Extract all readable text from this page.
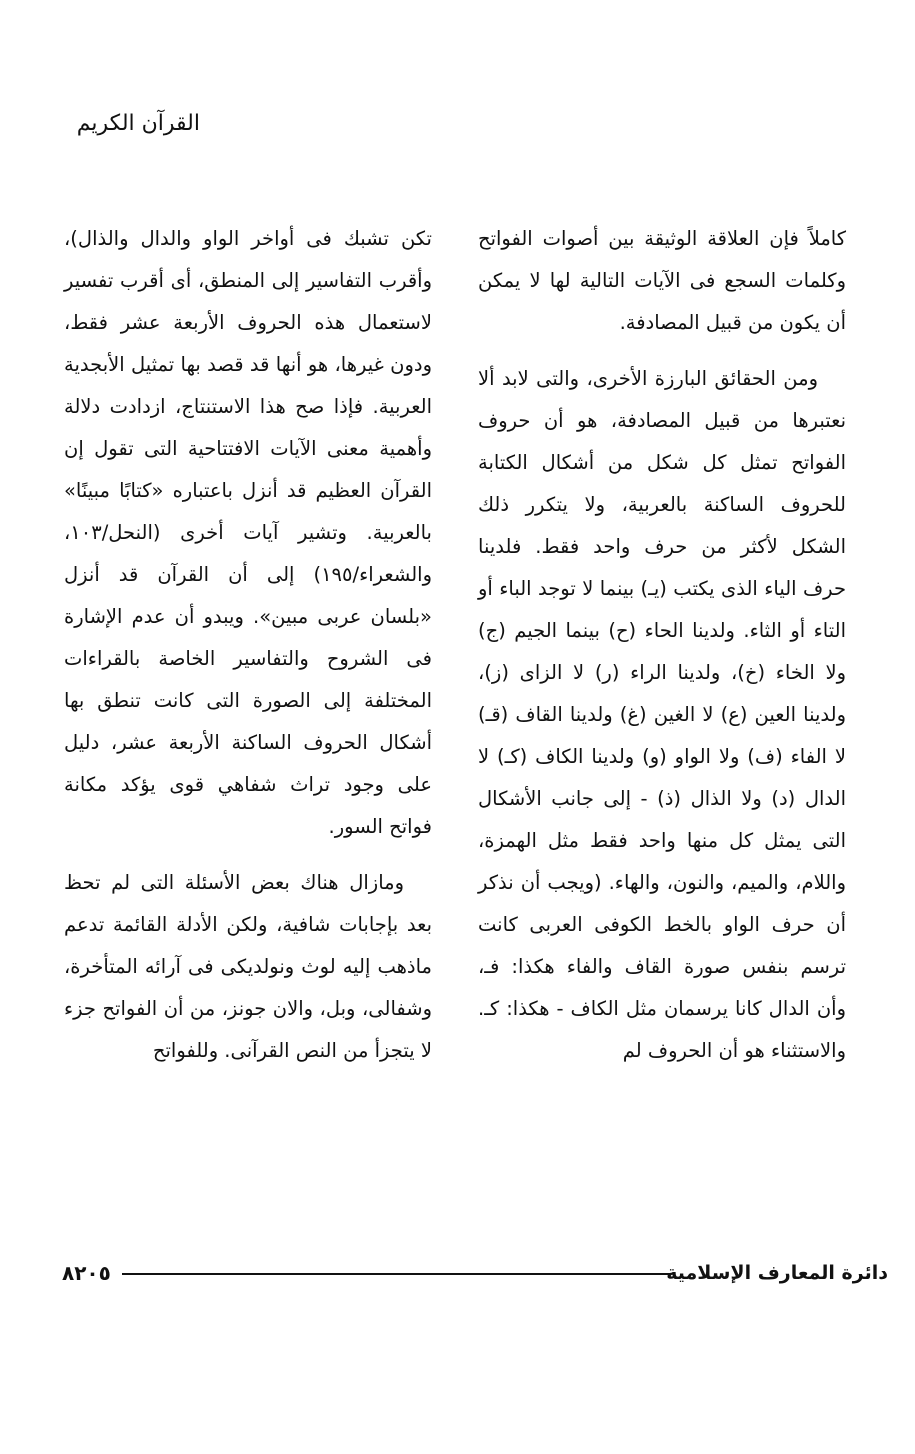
القرآن الكريم

كاملاً فإن العلاقة الوثيقة بين أصوات الفواتح وكلمات السجع فى الآيات التالية لها لا يمكن أن يكون من قبيل المصادفة.

ومن الحقائق البارزة الأخرى، والتى لابد ألا نعتبرها من قبيل المصادفة، هو أن حروف الفواتح تمثل كل شكل من أشكال الكتابة للحروف الساكنة بالعربية، ولا يتكرر ذلك الشكل لأكثر من حرف واحد فقط. فلدينا حرف الياء الذى يكتب (يـ) بينما لا توجد الباء أو التاء أو الثاء. ولدينا الحاء (ح) بينما الجيم (ج) ولا الخاء (خ)، ولدينا الراء (ر) لا الزاى (ز)، ولدينا العين (ع) لا الغين (غ) ولدينا القاف (قـ) لا الفاء (ف) ولا الواو (و) ولدينا الكاف (كـ) لا الدال (د) ولا الذال (ذ) - إلى جانب الأشكال التى يمثل كل منها واحد فقط مثل الهمزة، واللام، والميم، والنون، والهاء. (ويجب أن نذكر أن حرف الواو بالخط الكوفى العربى كانت ترسم بنفس صورة القاف والفاء هكذا: فـ، وأن الدال كانا يرسمان مثل الكاف - هكذا: كـ. والاستثناء هو أن الحروف لم

تكن تشبك فى أواخر الواو والدال والذال)، وأقرب التفاسير إلى المنطق، أى أقرب تفسير لاستعمال هذه الحروف الأربعة عشر فقط، ودون غيرها، هو أنها قد قصد بها تمثيل الأبجدية العربية. فإذا صح هذا الاستنتاج، ازدادت دلالة وأهمية معنى الآيات الافتتاحية التى تقول إن القرآن العظيم قد أنزل باعتباره «كتابًا مبينًا» بالعربية. وتشير آيات أخرى (النحل/١٠٣، والشعراء/١٩٥) إلى أن القرآن قد أنزل «بلسان عربى مبين». ويبدو أن عدم الإشارة فى الشروح والتفاسير الخاصة بالقراءات المختلفة إلى الصورة التى كانت تنطق بها أشكال الحروف الساكنة الأربعة عشر، دليل على وجود تراث شفاهي قوى يؤكد مكانة فواتح السور.

ومازال هناك بعض الأسئلة التى لم تحظ بعد بإجابات شافية، ولكن الأدلة القائمة تدعم ماذهب إليه لوث ونولديكى فى آرائه المتأخرة، وشفالى، وبل، والان جونز، من أن الفواتح جزء لا يتجزأ من النص القرآنى. وللفواتح

٨٢٠٥	دائرة المعارف الإسلامية
